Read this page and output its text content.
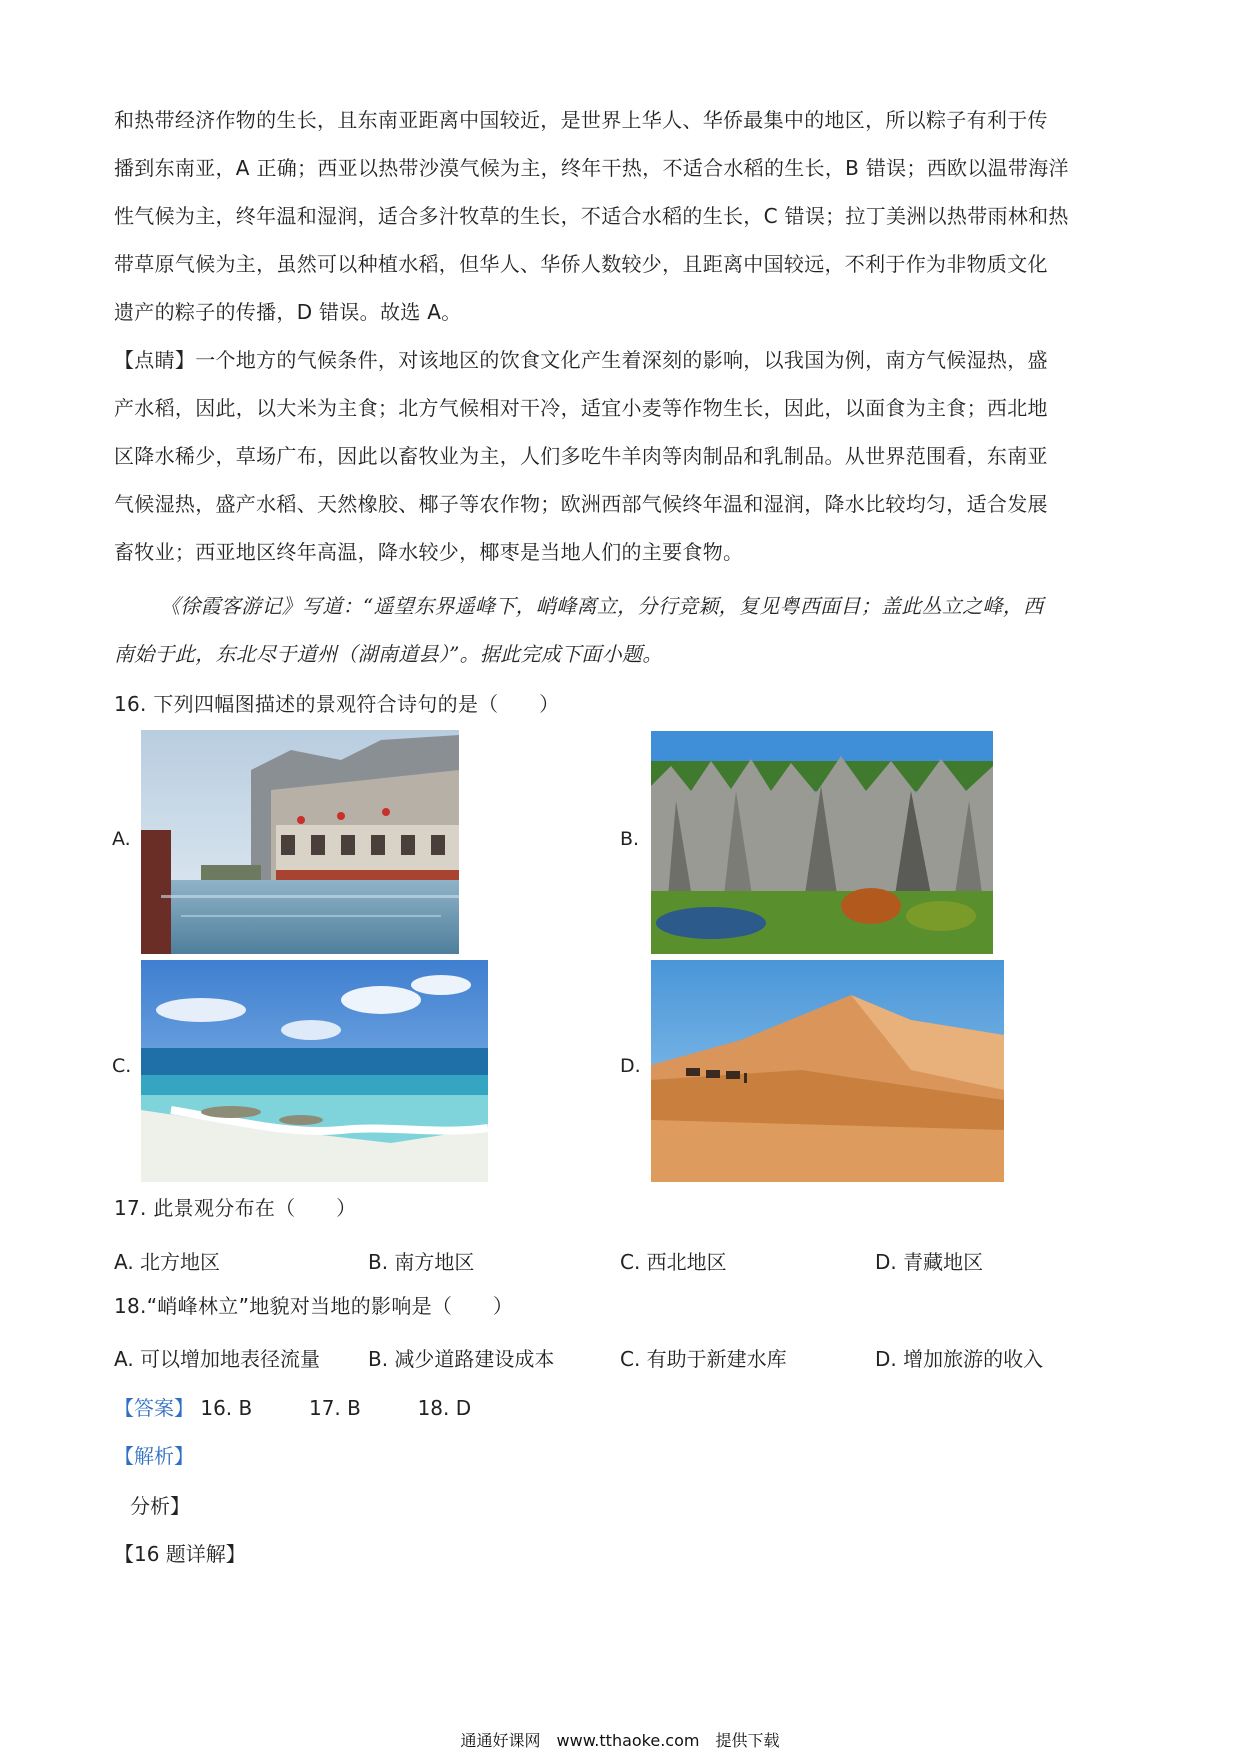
和热带经济作物的生长，且东南亚距离中国较近，是世界上华人、华侨最集中的地区，所以粽子有利于传
播到东南亚，A 正确；西亚以热带沙漠气候为主，终年干热，不适合水稻的生长，B 错误；西欧以温带海洋
性气候为主，终年温和湿润，适合多汁牧草的生长，不适合水稻的生长，C 错误；拉丁美洲以热带雨林和热
带草原气候为主，虽然可以种植水稻，但华人、华侨人数较少，且距离中国较远，不利于作为非物质文化
遗产的粽子的传播，D 错误。故选 A。
【点睛】一个地方的气候条件，对该地区的饮食文化产生着深刻的影响，以我国为例，南方气候湿热，盛
产水稻，因此，以大米为主食；北方气候相对干冷，适宜小麦等作物生长，因此，以面食为主食；西北地
区降水稀少，草场广布，因此以畜牧业为主，人们多吃牛羊肉等肉制品和乳制品。从世界范围看，东南亚
气候湿热，盛产水稻、天然橡胶、椰子等农作物；欧洲西部气候终年温和湿润，降水比较均匀，适合发展
畜牧业；西亚地区终年高温，降水较少，椰枣是当地人们的主要食物。
《徐霞客游记》写道：“遥望东界遥峰下，峭峰离立，分行竞颖，复见粤西面目；盖此丛立之峰，西
南始于此，东北尽于道州（湖南道县）”。据此完成下面小题。
16. 下列四幅图描述的景观符合诗句的是（　　）
A.	B.
C.	D.
17. 此景观分布在（　　）
A. 北方地区	B. 南方地区	C. 西北地区	D. 青藏地区
18.“峭峰林立”地貌对当地的影响是（　　）
A. 可以增加地表径流量 B. 减少道路建设成本	C. 有助于新建水库	D. 增加旅游的收入
【答案】 16. B	17. B	18. D
【解析】
分析】
【16 题详解】
通通好课网　www.tthaoke.com　提供下载
